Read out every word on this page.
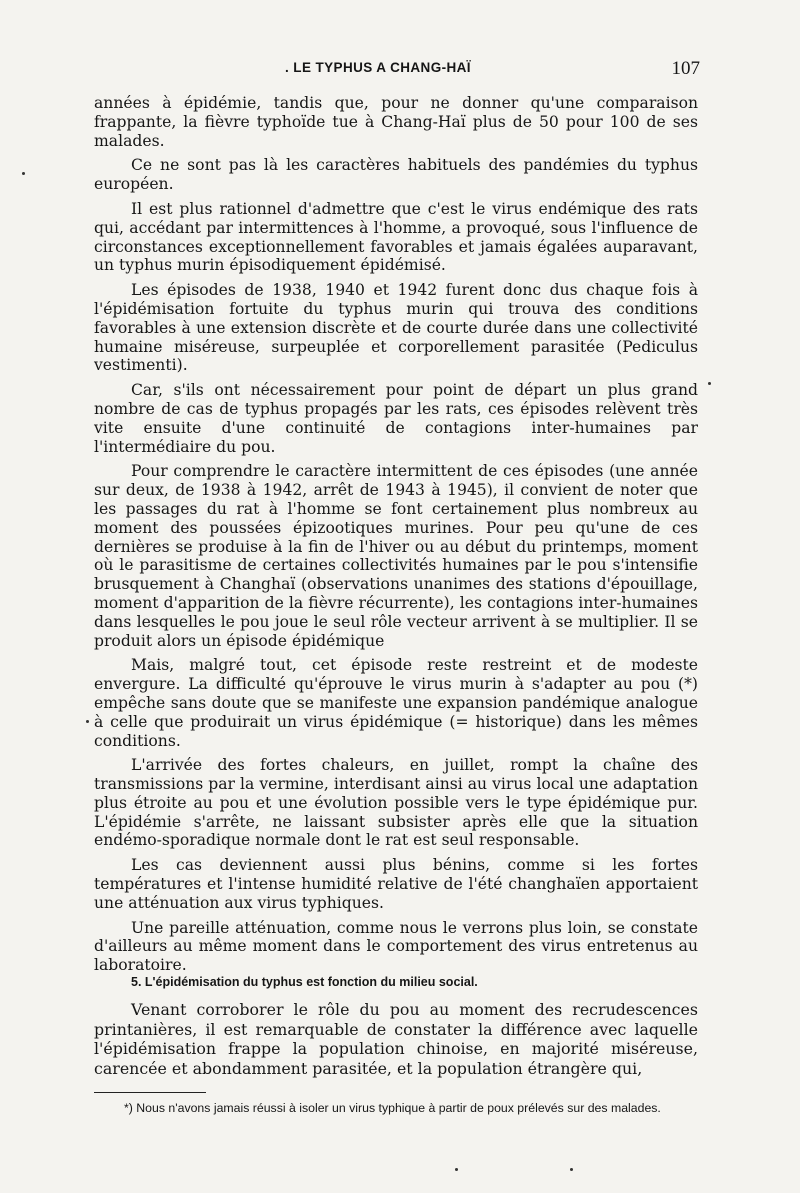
. LE TYPHUS A CHANG-HAÏ	107

années à épidémie, tandis que, pour ne donner qu'une comparaison frappante, la fièvre typhoïde tue à Chang-Haï plus de 50 pour 100 de ses malades.

Ce ne sont pas là les caractères habituels des pandémies du typhus européen.

Il est plus rationnel d'admettre que c'est le virus endémique des rats qui, accédant par intermittences à l'homme, a provoqué, sous l'influence de circonstances exceptionnellement favorables et jamais égalées auparavant, un typhus murin épisodiquement épidémisé.

Les épisodes de 1938, 1940 et 1942 furent donc dus chaque fois à l'épidémisation fortuite du typhus murin qui trouva des conditions favorables à une extension discrète et de courte durée dans une collectivité humaine miséreuse, surpeuplée et corporellement parasitée (Pediculus vestimenti).

Car, s'ils ont nécessairement pour point de départ un plus grand nombre de cas de typhus propagés par les rats, ces épisodes relèvent très vite ensuite d'une continuité de contagions inter-humaines par l'intermédiaire du pou.

Pour comprendre le caractère intermittent de ces épisodes (une année sur deux, de 1938 à 1942, arrêt de 1943 à 1945), il convient de noter que les passages du rat à l'homme se font certainement plus nombreux au moment des poussées épizootiques murines. Pour peu qu'une de ces dernières se produise à la fin de l'hiver ou au début du printemps, moment où le parasitisme de certaines collectivités humaines par le pou s'intensifie brusquement à Changhaï (observations unanimes des stations d'épouillage, moment d'apparition de la fièvre récurrente), les contagions inter-humaines dans lesquelles le pou joue le seul rôle vecteur arrivent à se multiplier. Il se produit alors un épisode épidémique

Mais, malgré tout, cet épisode reste restreint et de modeste envergure. La difficulté qu'éprouve le virus murin à s'adapter au pou (*) empêche sans doute que se manifeste une expansion pandémique analogue à celle que produirait un virus épidémique (= historique) dans les mêmes conditions.

L'arrivée des fortes chaleurs, en juillet, rompt la chaîne des transmissions par la vermine, interdisant ainsi au virus local une adaptation plus étroite au pou et une évolution possible vers le type épidémique pur. L'épidémie s'arrête, ne laissant subsister après elle que la situation endémo-sporadique normale dont le rat est seul responsable.

Les cas deviennent aussi plus bénins, comme si les fortes températures et l'intense humidité relative de l'été changhaïen apportaient une atténuation aux virus typhiques.

Une pareille atténuation, comme nous le verrons plus loin, se constate d'ailleurs au même moment dans le comportement des virus entretenus au laboratoire.

5. L'épidémisation du typhus est fonction du milieu social.

Venant corroborer le rôle du pou au moment des recrudescences printanières, il est remarquable de constater la différence avec laquelle l'épidémisation frappe la population chinoise, en majorité miséreuse, carencée et abondamment parasitée, et la population étrangère qui,

*) Nous n'avons jamais réussi à isoler un virus typhique à partir de poux prélevés sur des malades.
